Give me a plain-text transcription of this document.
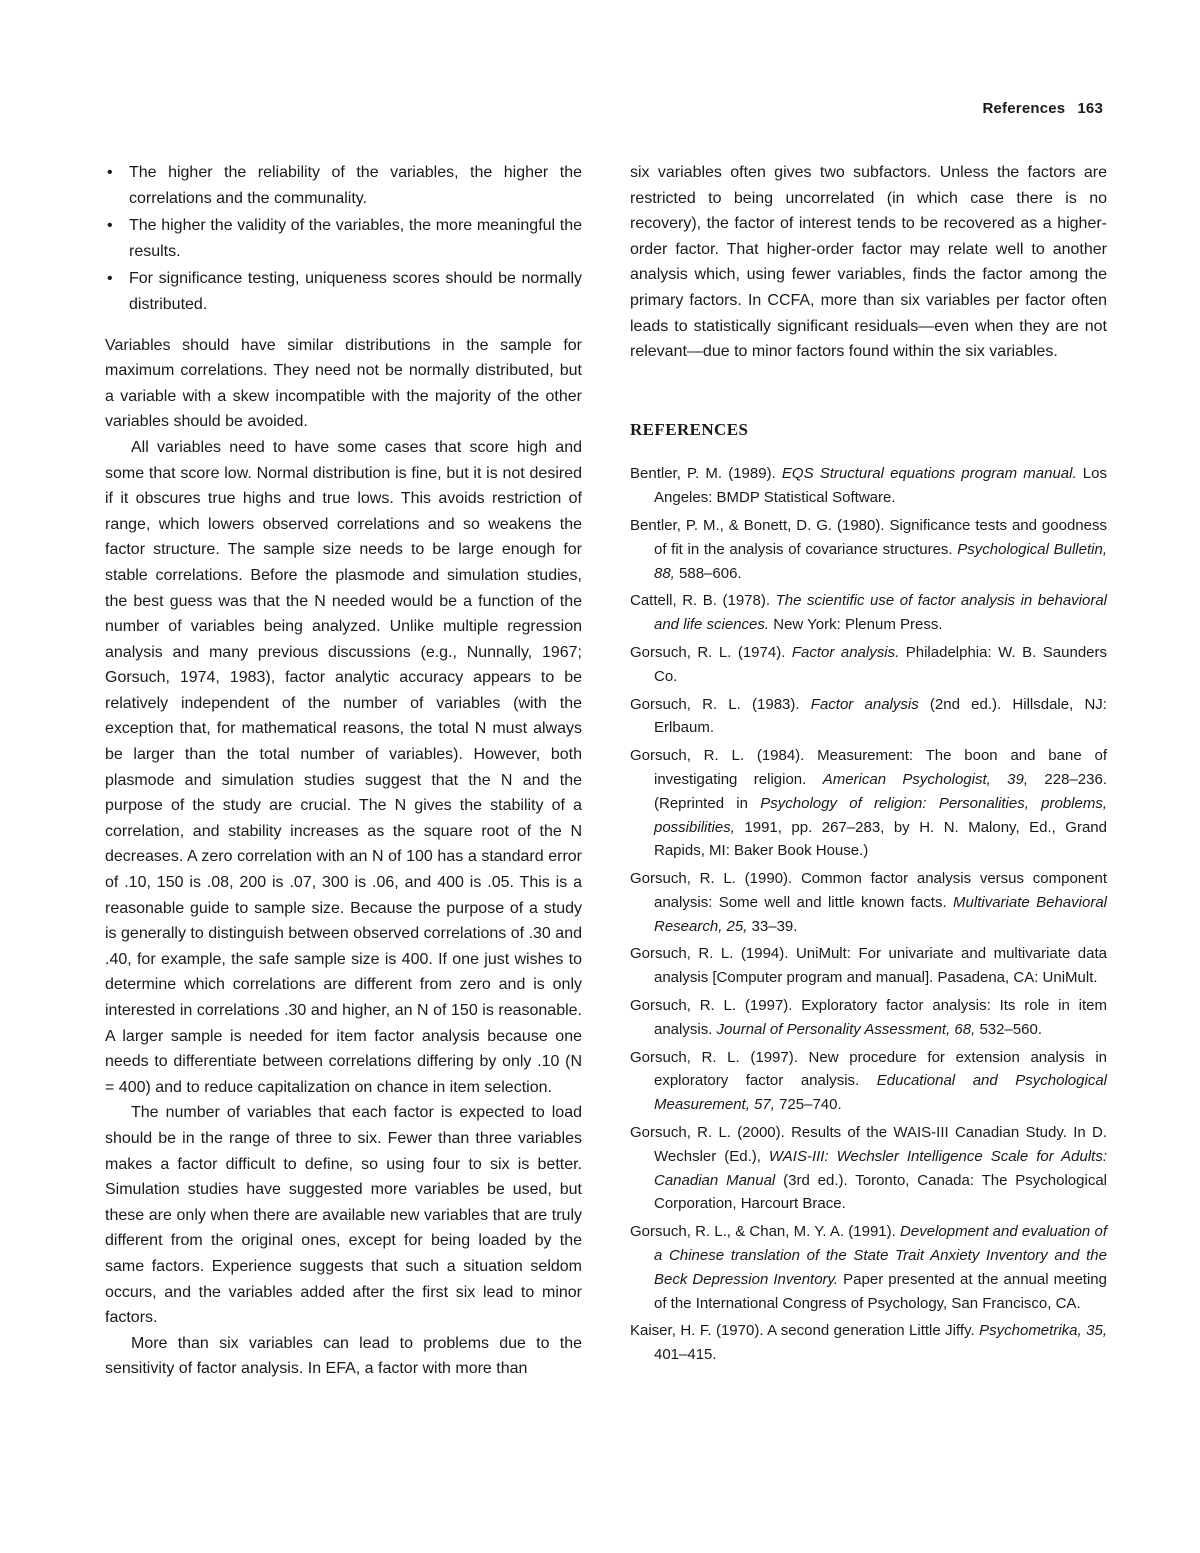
References 163
• The higher the reliability of the variables, the higher the correlations and the communality.
• The higher the validity of the variables, the more meaningful the results.
• For significance testing, uniqueness scores should be normally distributed.

Variables should have similar distributions in the sample for maximum correlations. They need not be normally distributed, but a variable with a skew incompatible with the majority of the other variables should be avoided.

All variables need to have some cases that score high and some that score low. Normal distribution is fine, but it is not desired if it obscures true highs and true lows. This avoids restriction of range, which lowers observed correlations and so weakens the factor structure. The sample size needs to be large enough for stable correlations. Before the plasmode and simulation studies, the best guess was that the N needed would be a function of the number of variables being analyzed. Unlike multiple regression analysis and many previous discussions (e.g., Nunnally, 1967; Gorsuch, 1974, 1983), factor analytic accuracy appears to be relatively independent of the number of variables (with the exception that, for mathematical reasons, the total N must always be larger than the total number of variables). However, both plasmode and simulation studies suggest that the N and the purpose of the study are crucial. The N gives the stability of a correlation, and stability increases as the square root of the N decreases. A zero correlation with an N of 100 has a standard error of .10, 150 is .08, 200 is .07, 300 is .06, and 400 is .05. This is a reasonable guide to sample size. Because the purpose of a study is generally to distinguish between observed correlations of .30 and .40, for example, the safe sample size is 400. If one just wishes to determine which correlations are different from zero and is only interested in correlations .30 and higher, an N of 150 is reasonable. A larger sample is needed for item factor analysis because one needs to differentiate between correlations differing by only .10 (N = 400) and to reduce capitalization on chance in item selection.

The number of variables that each factor is expected to load should be in the range of three to six. Fewer than three variables makes a factor difficult to define, so using four to six is better. Simulation studies have suggested more variables be used, but these are only when there are available new variables that are truly different from the original ones, except for being loaded by the same factors. Experience suggests that such a situation seldom occurs, and the variables added after the first six lead to minor factors.

More than six variables can lead to problems due to the sensitivity of factor analysis. In EFA, a factor with more than

six variables often gives two subfactors. Unless the factors are restricted to being uncorrelated (in which case there is no recovery), the factor of interest tends to be recovered as a higher-order factor. That higher-order factor may relate well to another analysis which, using fewer variables, finds the factor among the primary factors. In CCFA, more than six variables per factor often leads to statistically significant residuals—even when they are not relevant—due to minor factors found within the six variables.

REFERENCES
Bentler, P. M. (1989). EQS Structural equations program manual. Los Angeles: BMDP Statistical Software.
Bentler, P. M., & Bonett, D. G. (1980). Significance tests and goodness of fit in the analysis of covariance structures. Psychological Bulletin, 88, 588–606.
Cattell, R. B. (1978). The scientific use of factor analysis in behavioral and life sciences. New York: Plenum Press.
Gorsuch, R. L. (1974). Factor analysis. Philadelphia: W. B. Saunders Co.
Gorsuch, R. L. (1983). Factor analysis (2nd ed.). Hillsdale, NJ: Erlbaum.
Gorsuch, R. L. (1984). Measurement: The boon and bane of investigating religion. American Psychologist, 39, 228–236. (Reprinted in Psychology of religion: Personalities, problems, possibilities, 1991, pp. 267–283, by H. N. Malony, Ed., Grand Rapids, MI: Baker Book House.)
Gorsuch, R. L. (1990). Common factor analysis versus component analysis: Some well and little known facts. Multivariate Behavioral Research, 25, 33–39.
Gorsuch, R. L. (1994). UniMult: For univariate and multivariate data analysis [Computer program and manual]. Pasadena, CA: UniMult.
Gorsuch, R. L. (1997). Exploratory factor analysis: Its role in item analysis. Journal of Personality Assessment, 68, 532–560.
Gorsuch, R. L. (1997). New procedure for extension analysis in exploratory factor analysis. Educational and Psychological Measurement, 57, 725–740.
Gorsuch, R. L. (2000). Results of the WAIS-III Canadian Study. In D. Wechsler (Ed.), WAIS-III: Wechsler Intelligence Scale for Adults: Canadian Manual (3rd ed.). Toronto, Canada: The Psychological Corporation, Harcourt Brace.
Gorsuch, R. L., & Chan, M. Y. A. (1991). Development and evaluation of a Chinese translation of the State Trait Anxiety Inventory and the Beck Depression Inventory. Paper presented at the annual meeting of the International Congress of Psychology, San Francisco, CA.
Kaiser, H. F. (1970). A second generation Little Jiffy. Psychometrika, 35, 401–415.
